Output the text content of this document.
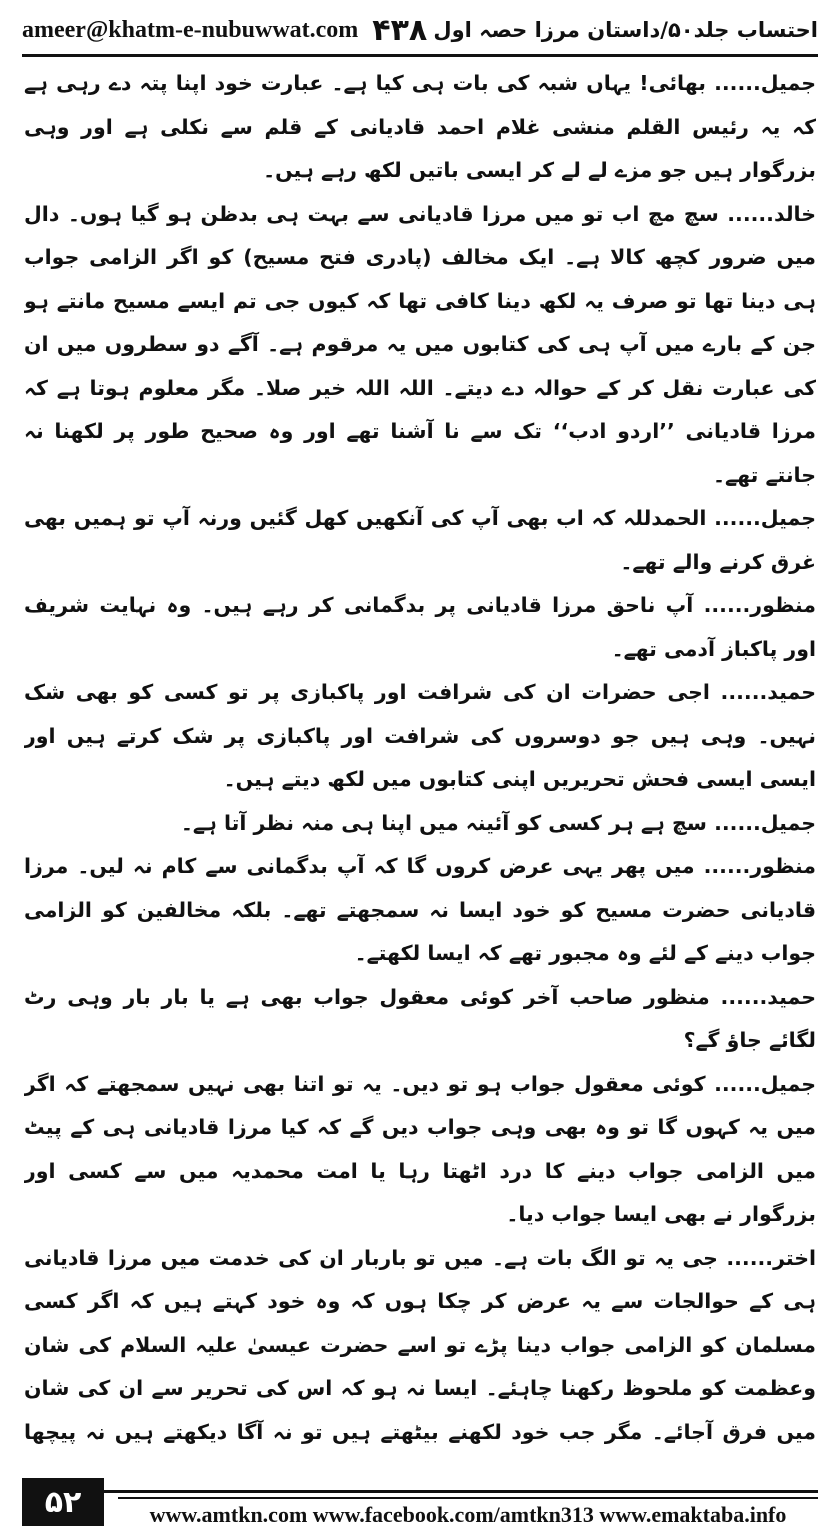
ameer@khatm-e-nubuwwat.com ۴۳۸ احتساب جلد۵۰/داستان مرزا حصہ اول

جمیل...... بھائی! یہاں شبہ کی بات ہی کیا ہے۔ عبارت خود اپنا پتہ دے رہی ہے کہ یہ رئیس القلم منشی غلام احمد قادیانی کے قلم سے نکلی ہے اور وہی بزرگوار ہیں جو مزے لے لے کر ایسی باتیں لکھ رہے ہیں۔

خالد...... سچ مچ اب تو میں مرزا قادیانی سے بہت ہی بدظن ہو گیا ہوں۔ دال میں ضرور کچھ کالا ہے۔ ایک مخالف (پادری فتح مسیح) کو اگر الزامی جواب ہی دینا تھا تو صرف یہ لکھ دینا کافی تھا کہ کیوں جی تم ایسے مسیح مانتے ہو جن کے بارے میں آپ ہی کی کتابوں میں یہ مرقوم ہے۔ آگے دو سطروں میں ان کی عبارت نقل کر کے حوالہ دے دیتے۔ اللہ اللہ خیر صلا۔ مگر معلوم ہوتا ہے کہ مرزا قادیانی ’’اردو ادب‘‘ تک سے نا آشنا تھے اور وہ صحیح طور پر لکھنا نہ جانتے تھے۔

جمیل...... الحمدللہ کہ اب بھی آپ کی آنکھیں کھل گئیں ورنہ آپ تو ہمیں بھی غرق کرنے والے تھے۔

منظور...... آپ ناحق مرزا قادیانی پر بدگمانی کر رہے ہیں۔ وہ نہایت شریف اور پاکباز آدمی تھے۔

حمید...... اجی حضرات ان کی شرافت اور پاکبازی پر تو کسی کو بھی شک نہیں۔ وہی ہیں جو دوسروں کی شرافت اور پاکبازی پر شک کرتے ہیں اور ایسی ایسی فحش تحریریں اپنی کتابوں میں لکھ دیتے ہیں۔

جمیل...... سچ ہے ہر کسی کو آئینہ میں اپنا ہی منہ نظر آتا ہے۔

منظور...... میں پھر یہی عرض کروں گا کہ آپ بدگمانی سے کام نہ لیں۔ مرزا قادیانی حضرت مسیح کو خود ایسا نہ سمجھتے تھے۔ بلکہ مخالفین کو الزامی جواب دینے کے لئے وہ مجبور تھے کہ ایسا لکھتے۔

حمید...... منظور صاحب آخر کوئی معقول جواب بھی ہے یا بار بار وہی رٹ لگائے جاؤ گے؟

جمیل...... کوئی معقول جواب ہو تو دیں۔ یہ تو اتنا بھی نہیں سمجھتے کہ اگر میں یہ کہوں گا تو وہ بھی وہی جواب دیں گے کہ کیا مرزا قادیانی ہی کے پیٹ میں الزامی جواب دینے کا درد اٹھتا رہا یا امت محمدیہ میں سے کسی اور بزرگوار نے بھی ایسا جواب دیا۔

اختر...... جی یہ تو الگ بات ہے۔ میں تو باربار ان کی خدمت میں مرزا قادیانی ہی کے حوالجات سے یہ عرض کر چکا ہوں کہ وہ خود کہتے ہیں کہ اگر کسی مسلمان کو الزامی جواب دینا پڑے تو اسے حضرت عیسیٰ علیہ السلام کی شان وعظمت کو ملحوظ رکھنا چاہئے۔ ایسا نہ ہو کہ اس کی تحریر سے ان کی شان میں فرق آجائے۔ مگر جب خود لکھنے بیٹھتے ہیں تو نہ آگا دیکھتے ہیں نہ پیچھا

۵۲	www.amtkn.com www.facebook.com/amtkn313 www.emaktaba.info
